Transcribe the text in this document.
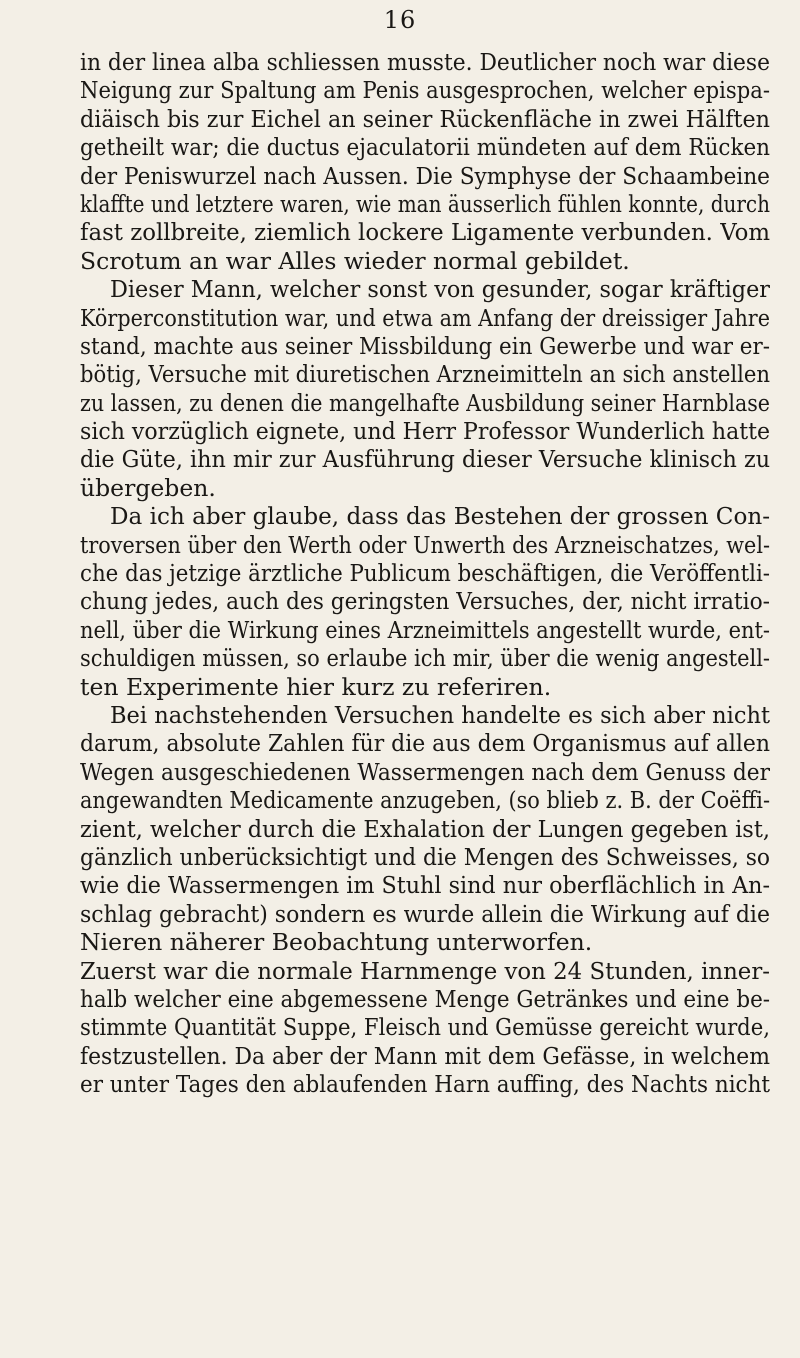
16
in der linea alba schliessen musste. Deutlicher noch war diese
Neigung zur Spaltung am Penis ausgesprochen, welcher epispa-
diäisch bis zur Eichel an seiner Rückenfläche in zwei Hälften
getheilt war; die ductus ejaculatorii mündeten auf dem Rücken
der Peniswurzel nach Aussen. Die Symphyse der Schaambeine
klaffte und letztere waren, wie man äusserlich fühlen konnte, durch
fast zollbreite, ziemlich lockere Ligamente verbunden. Vom
Scrotum an war Alles wieder normal gebildet.
Dieser Mann, welcher sonst von gesunder, sogar kräftiger
Körperconstitution war, und etwa am Anfang der dreissiger Jahre
stand, machte aus seiner Missbildung ein Gewerbe und war er-
bötig, Versuche mit diuretischen Arzneimitteln an sich anstellen
zu lassen, zu denen die mangelhafte Ausbildung seiner Harnblase
sich vorzüglich eignete, und Herr Professor Wunderlich hatte
die Güte, ihn mir zur Ausführung dieser Versuche klinisch zu
übergeben.
Da ich aber glaube, dass das Bestehen der grossen Con-
troversen über den Werth oder Unwerth des Arzneischatzes, wel-
che das jetzige ärztliche Publicum beschäftigen, die Veröffentli-
chung jedes, auch des geringsten Versuches, der, nicht irratio-
nell, über die Wirkung eines Arzneimittels angestellt wurde, ent-
schuldigen müssen, so erlaube ich mir, über die wenig angestell-
ten Experimente hier kurz zu referiren.
Bei nachstehenden Versuchen handelte es sich aber nicht
darum, absolute Zahlen für die aus dem Organismus auf allen
Wegen ausgeschiedenen Wassermengen nach dem Genuss der
angewandten Medicamente anzugeben, (so blieb z. B. der Coëffi-
zient, welcher durch die Exhalation der Lungen gegeben ist,
gänzlich unberücksichtigt und die Mengen des Schweisses, so
wie die Wassermengen im Stuhl sind nur oberflächlich in An-
schlag gebracht) sondern es wurde allein die Wirkung auf die
Nieren näherer Beobachtung unterworfen.
Zuerst war die normale Harnmenge von 24 Stunden, inner-
halb welcher eine abgemessene Menge Getränkes und eine be-
stimmte Quantität Suppe, Fleisch und Gemüsse gereicht wurde,
festzustellen. Da aber der Mann mit dem Gefässe, in welchem
er unter Tages den ablaufenden Harn auffing, des Nachts nicht
